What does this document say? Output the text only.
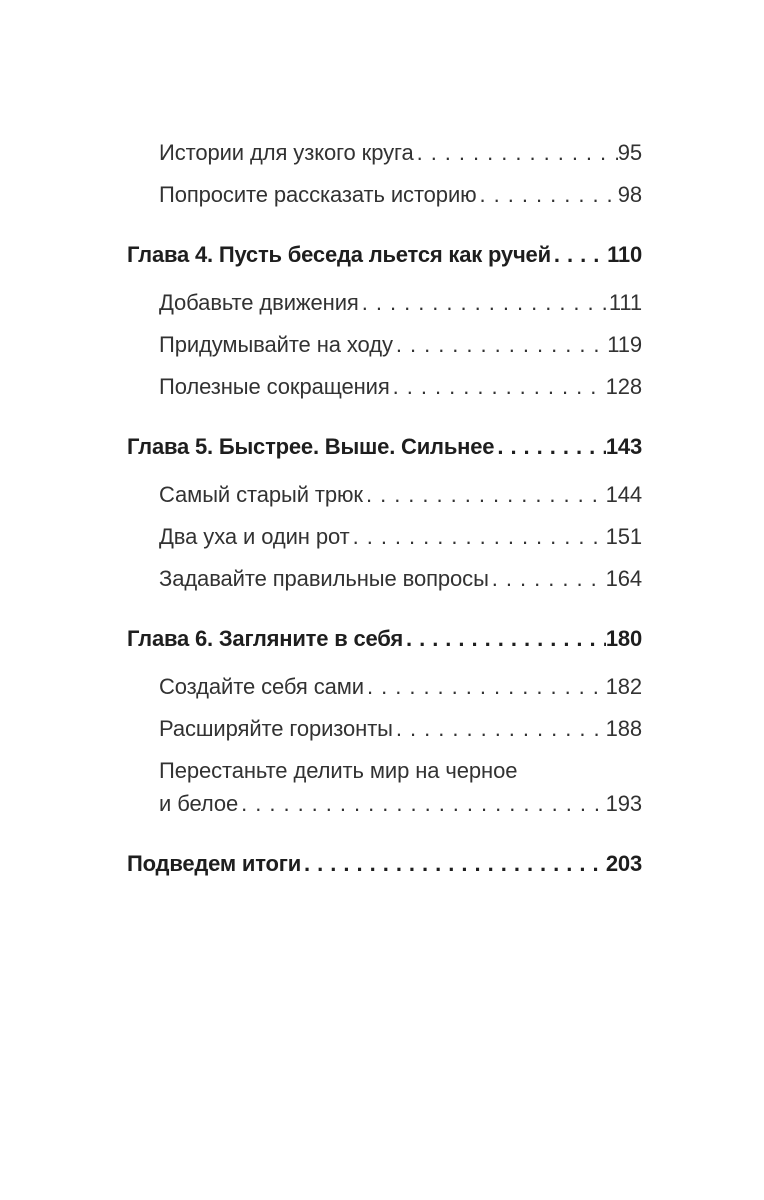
Истории для узкого круга .....	95
Попросите рассказать историю .....	98
Глава 4. Пусть беседа льется как ручей .....	110
Добавьте движения .....	111
Придумывайте на ходу .....	119
Полезные сокращения .....	128
Глава 5. Быстрее. Выше. Сильнее .....	143
Самый старый трюк .....	144
Два уха и один рот .....	151
Задавайте правильные вопросы .....	164
Глава 6. Загляните в себя .....	180
Создайте себя сами .....	182
Расширяйте горизонты .....	188
Перестаньте делить мир на черное
и белое .....	193
Подведем итоги .....	203
